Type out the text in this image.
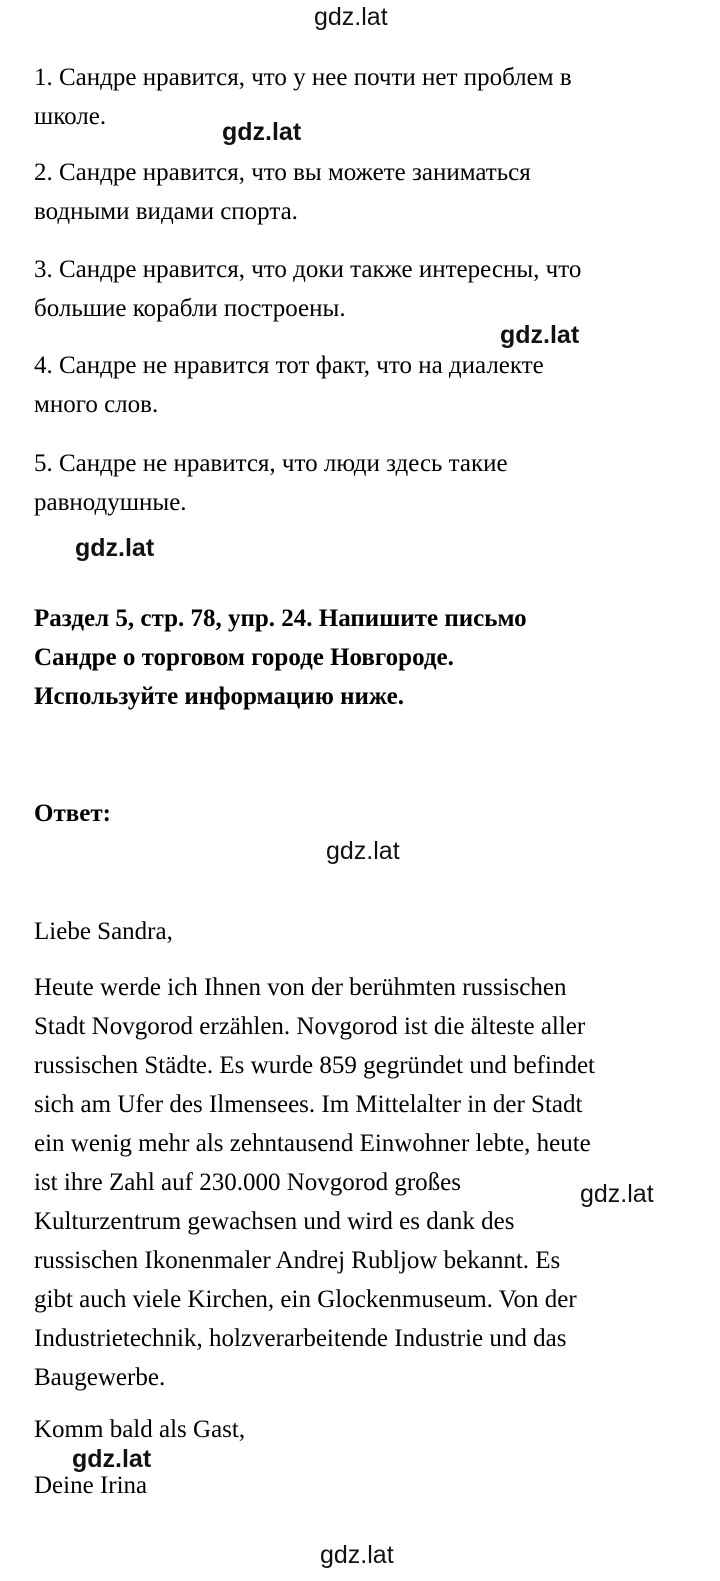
gdz.lat
gdz.lat
gdz.lat
gdz.lat
gdz.lat
gdz.lat
gdz.lat
gdz.lat

1. Сандре нравится, что у нее почти нет проблем в
школе.

2. Сандре нравится, что вы можете заниматься
водными видами спорта.

3. Сандре нравится, что доки также интересны, что
большие корабли построены.

4. Сандре не нравится тот факт, что на диалекте
много слов.

5. Сандре не нравится, что люди здесь такие
равнодушные.

Раздел 5, стр. 78, упр. 24. Напишите письмо
Сандре о торговом городе Новгороде.
Используйте информацию ниже.

Ответ:

Liebe Sandra,

Heute werde ich Ihnen von der berühmten russischen
Stadt Novgorod erzählen. Novgorod ist die älteste aller
russischen Städte. Es wurde 859 gegründet und befindet
sich am Ufer des Ilmensees. Im Mittelalter in der Stadt
ein wenig mehr als zehntausend Einwohner lebte, heute
ist ihre Zahl auf 230.000 Novgorod großes
Kulturzentrum gewachsen und wird es dank des
russischen Ikonenmaler Andrej Rubljow bekannt. Es
gibt auch viele Kirchen, ein Glockenmuseum. Von der
Industrietechnik, holzverarbeitende Industrie und das
Baugewerbe.

Komm bald als Gast,

Deine Irina
